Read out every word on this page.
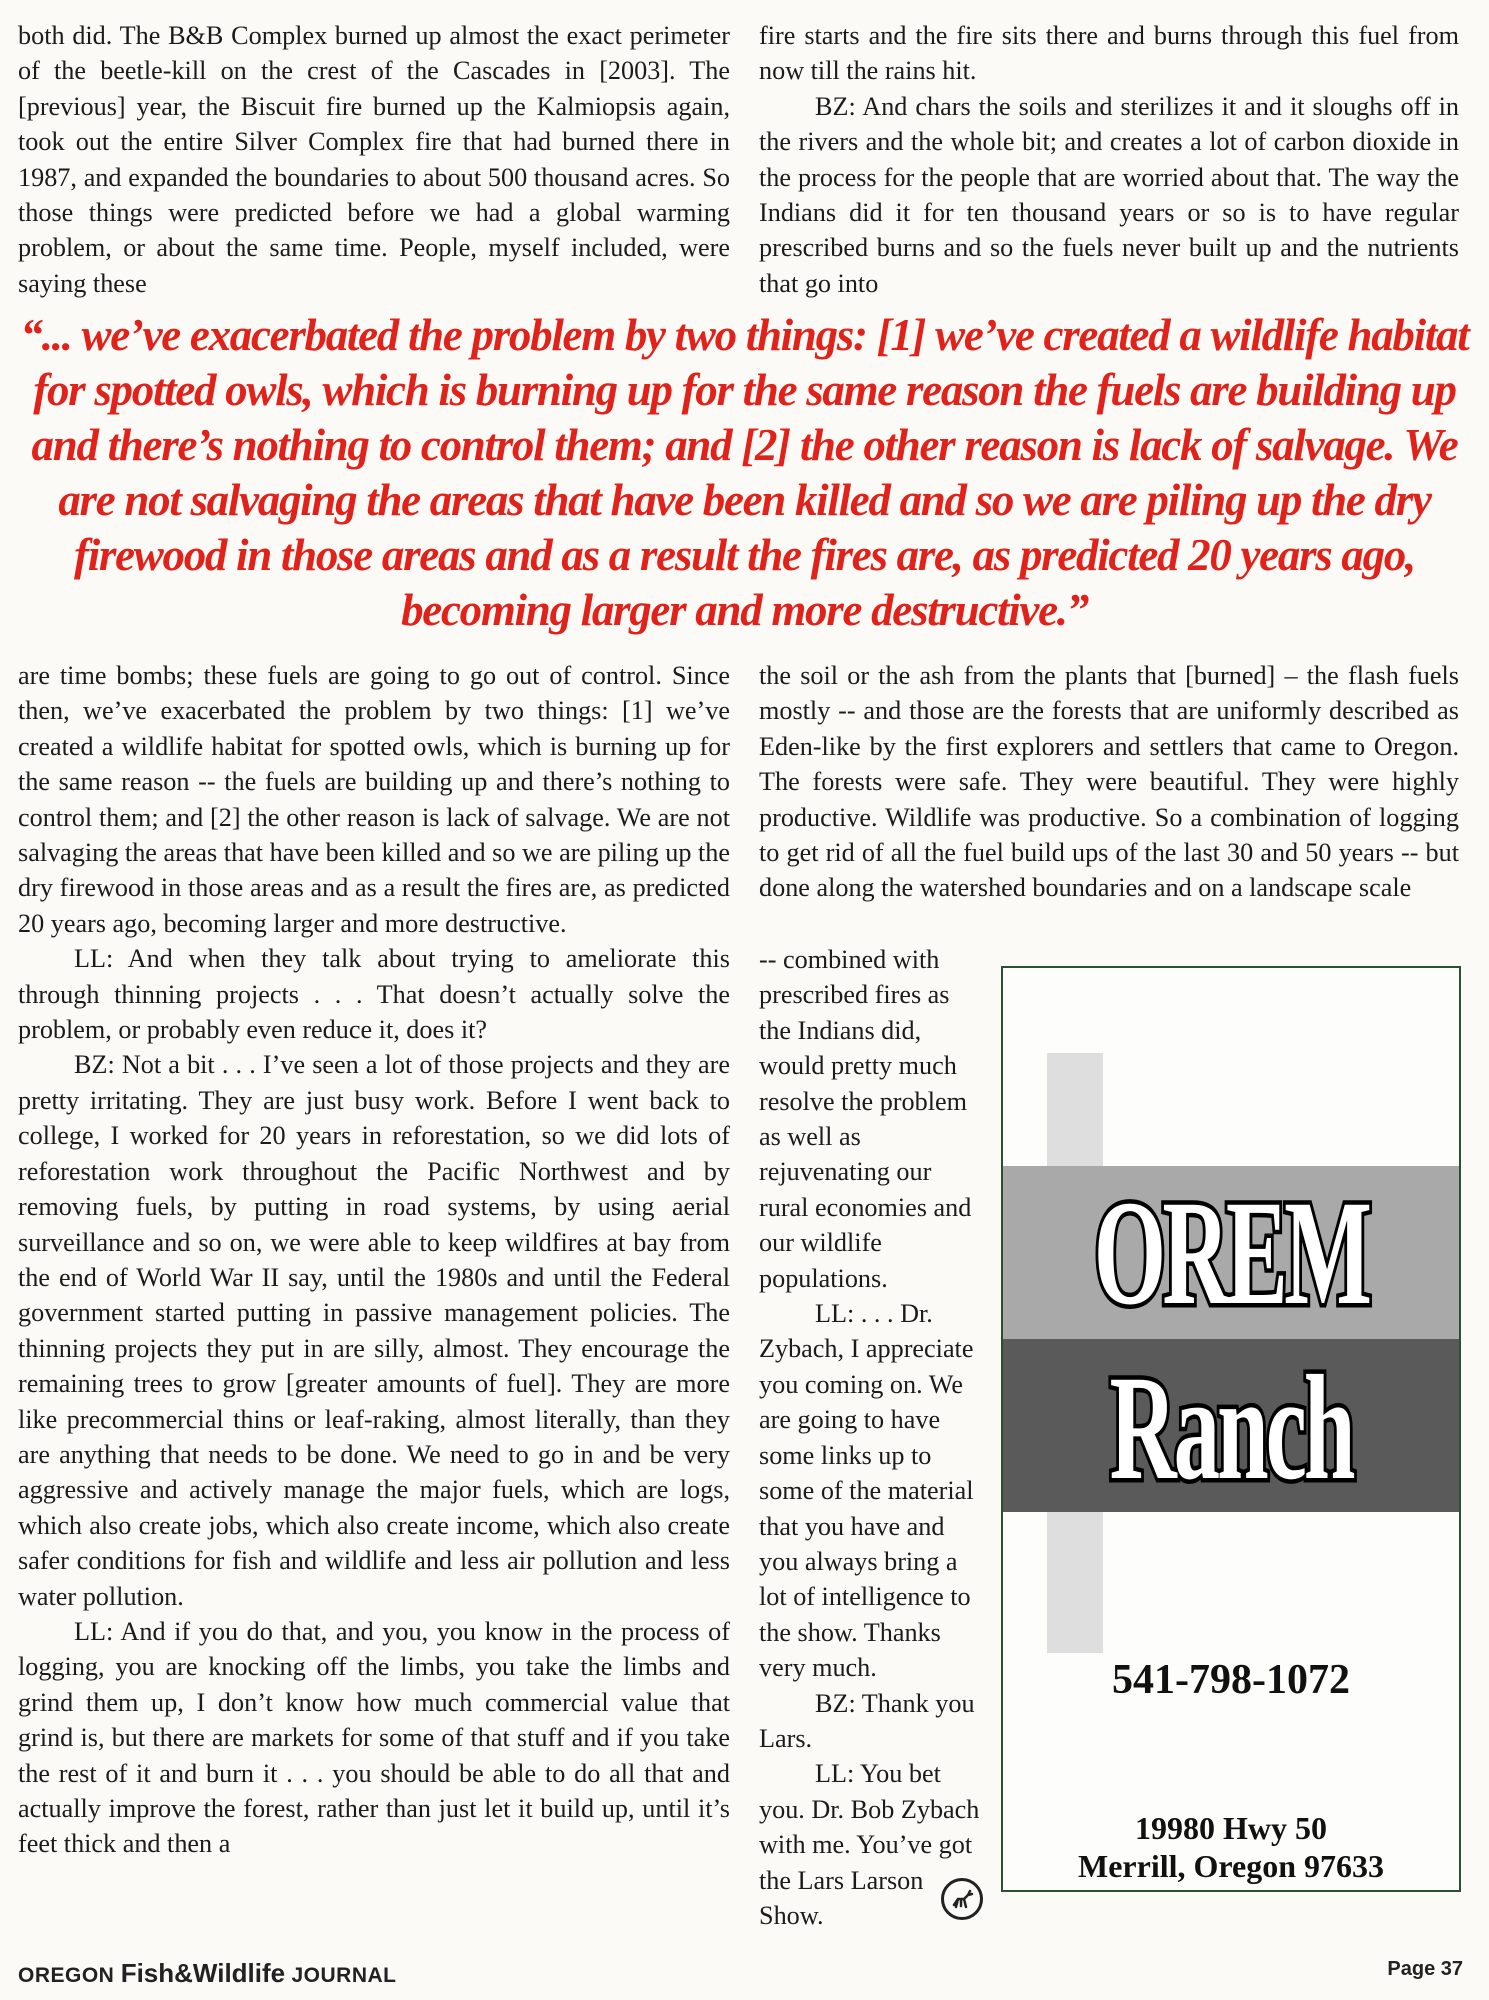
both did. The B&B Complex burned up almost the exact perimeter of the beetle-kill on the crest of the Cascades in [2003]. The [previous] year, the Biscuit fire burned up the Kalmiopsis again, took out the entire Silver Complex fire that had burned there in 1987, and expanded the boundaries to about 500 thousand acres. So those things were predicted before we had a global warming problem, or about the same time. People, myself included, were saying these

fire starts and the fire sits there and burns through this fuel from now till the rains hit.

BZ: And chars the soils and sterilizes it and it sloughs off in the rivers and the whole bit; and creates a lot of carbon dioxide in the process for the people that are worried about that. The way the Indians did it for ten thousand years or so is to have regular prescribed burns and so the fuels never built up and the nutrients that go into

“... we’ve exacerbated the problem by two things: [1] we’ve created a wildlife habitat for spotted owls, which is burning up for the same reason the fuels are building up and there’s nothing to control them; and [2] the other reason is lack of salvage. We are not salvaging the areas that have been killed and so we are piling up the dry firewood in those areas and as a result the fires are, as predicted 20 years ago, becoming larger and more destructive.”

are time bombs; these fuels are going to go out of control. Since then, we’ve exacerbated the problem by two things: [1] we’ve created a wildlife habitat for spotted owls, which is burning up for the same reason -- the fuels are building up and there’s nothing to control them; and [2] the other reason is lack of salvage. We are not salvaging the areas that have been killed and so we are piling up the dry firewood in those areas and as a result the fires are, as predicted 20 years ago, becoming larger and more destructive.

LL: And when they talk about trying to ameliorate this through thinning projects . . . That doesn’t actually solve the problem, or probably even reduce it, does it?

BZ: Not a bit . . . I’ve seen a lot of those projects and they are pretty irritating. They are just busy work. Before I went back to college, I worked for 20 years in reforestation, so we did lots of reforestation work throughout the Pacific Northwest and by removing fuels, by putting in road systems, by using aerial surveillance and so on, we were able to keep wildfires at bay from the end of World War II say, until the 1980s and until the Federal government started putting in passive management policies. The thinning projects they put in are silly, almost. They encourage the remaining trees to grow [greater amounts of fuel]. They are more like precommercial thins or leaf-raking, almost literally, than they are anything that needs to be done. We need to go in and be very aggressive and actively manage the major fuels, which are logs, which also create jobs, which also create income, which also create safer conditions for fish and wildlife and less air pollution and less water pollution.

LL: And if you do that, and you, you know in the process of logging, you are knocking off the limbs, you take the limbs and grind them up, I don’t know how much commercial value that grind is, but there are markets for some of that stuff and if you take the rest of it and burn it . . . you should be able to do all that and actually improve the forest, rather than just let it build up, until it’s feet thick and then a

the soil or the ash from the plants that [burned] – the flash fuels mostly -- and those are the forests that are uniformly described as Eden-like by the first explorers and settlers that came to Oregon. The forests were safe. They were beautiful. They were highly productive. Wildlife was productive. So a combination of logging to get rid of all the fuel build ups of the last 30 and 50 years -- but done along the watershed boundaries and on a landscape scale

-- combined with prescribed fires as the Indians did, would pretty much resolve the problem as well as rejuvenating our rural economies and our wildlife populations.

LL: . . . Dr. Zybach, I appreciate you coming on. We are going to have some links up to some of the material that you have and you always bring a lot of intelligence to the show. Thanks very much.

BZ: Thank you Lars.

LL: You bet you. Dr. Bob Zybach with me. You’ve got the Lars Larson Show.

OREM
Ranch
541-798-1072
19980 Hwy 50
Merrill, Oregon 97633
OREGON Fish&Wildlife JOURNAL	Page 37
